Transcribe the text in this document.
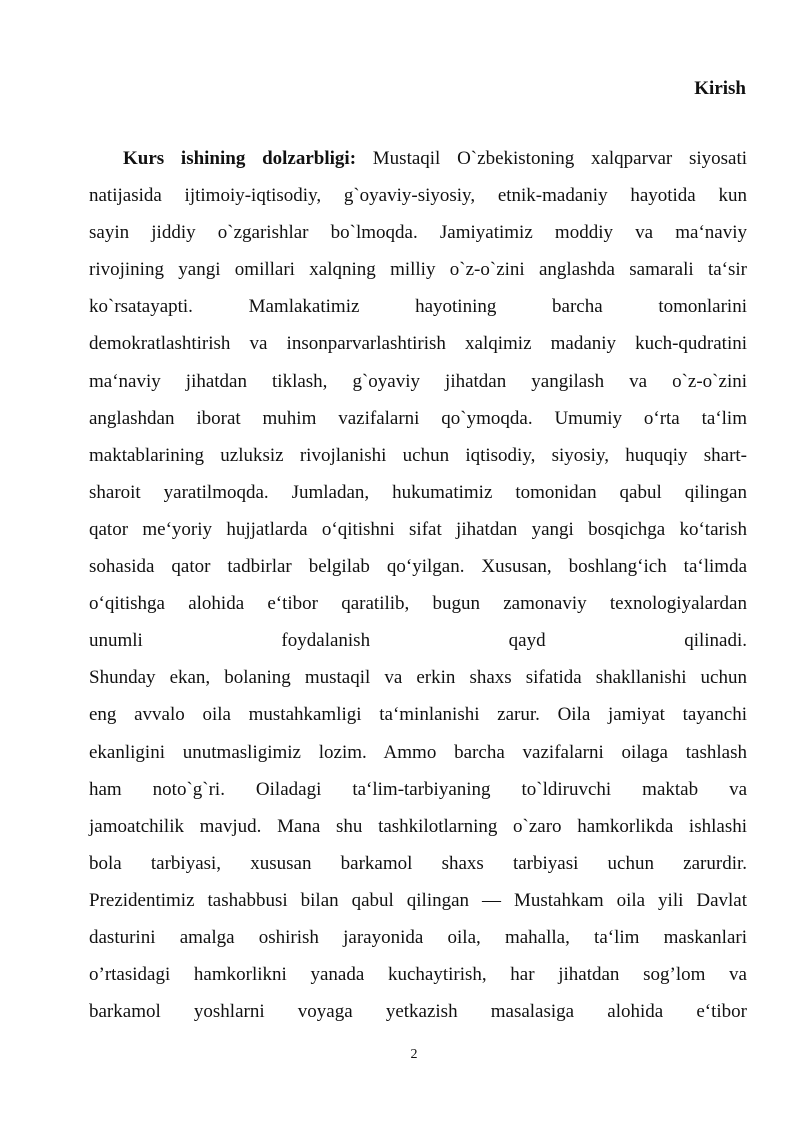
Kirish
Kurs ishining dolzarbligi: Mustaqil O`zbekistoning xalqparvar siyosati
natijasida ijtimoiy-iqtisodiy, g`oyaviy-siyosiy, etnik-madaniy hayotida kun
sayin jiddiy o`zgarishlar bo`lmoqda. Jamiyatimiz moddiy va ma‘naviy
rivojining yangi omillari xalqning milliy o`z-o`zini anglashda samarali ta‘sir
ko`rsatayapti. Mamlakatimiz hayotining barcha tomonlarini
demokratlashtirish va insonparvarlashtirish xalqimiz madaniy kuch-qudratini
ma‘naviy jihatdan tiklash, g`oyaviy jihatdan yangilash va o`z-o`zini
anglashdan iborat muhim vazifalarni qo`ymoqda. Umumiy o‘rta ta‘lim
maktablarining uzluksiz rivojlanishi uchun iqtisodiy, siyosiy, huquqiy shart-
sharoit yaratilmoqda. Jumladan, hukumatimiz tomonidan qabul qilingan
qator me‘yoriy hujjatlarda o‘qitishni sifat jihatdan yangi bosqichga ko‘tarish
sohasida qator tadbirlar belgilab qo‘yilgan. Xususan, boshlang‘ich ta‘limda
o‘qitishga alohida e‘tibor qaratilib, bugun zamonaviy texnologiyalardan
unumli foydalanish qayd qilinadi.
Shunday ekan, bolaning mustaqil va erkin shaxs sifatida shakllanishi uchun
eng avvalo oila mustahkamligi ta‘minlanishi zarur. Oila jamiyat tayanchi
ekanligini unutmasligimiz lozim. Ammo barcha vazifalarni oilaga tashlash
ham noto`g`ri. Oiladagi ta‘lim-tarbiyaning to`ldiruvchi maktab va
jamoatchilik mavjud. Mana shu tashkilotlarning o`zaro hamkorlikda ishlashi
bola tarbiyasi, xususan barkamol shaxs tarbiyasi uchun zarurdir.
Prezidentimiz tashabbusi bilan qabul qilingan — Mustahkam oila yili Davlat
dasturini amalga oshirish jarayonida oila, mahalla, ta‘lim maskanlari
o’rtasidagi hamkorlikni yanada kuchaytirish, har jihatdan sog’lom va
barkamol yoshlarni voyaga yetkazish masalasiga alohida e‘tibor
2
